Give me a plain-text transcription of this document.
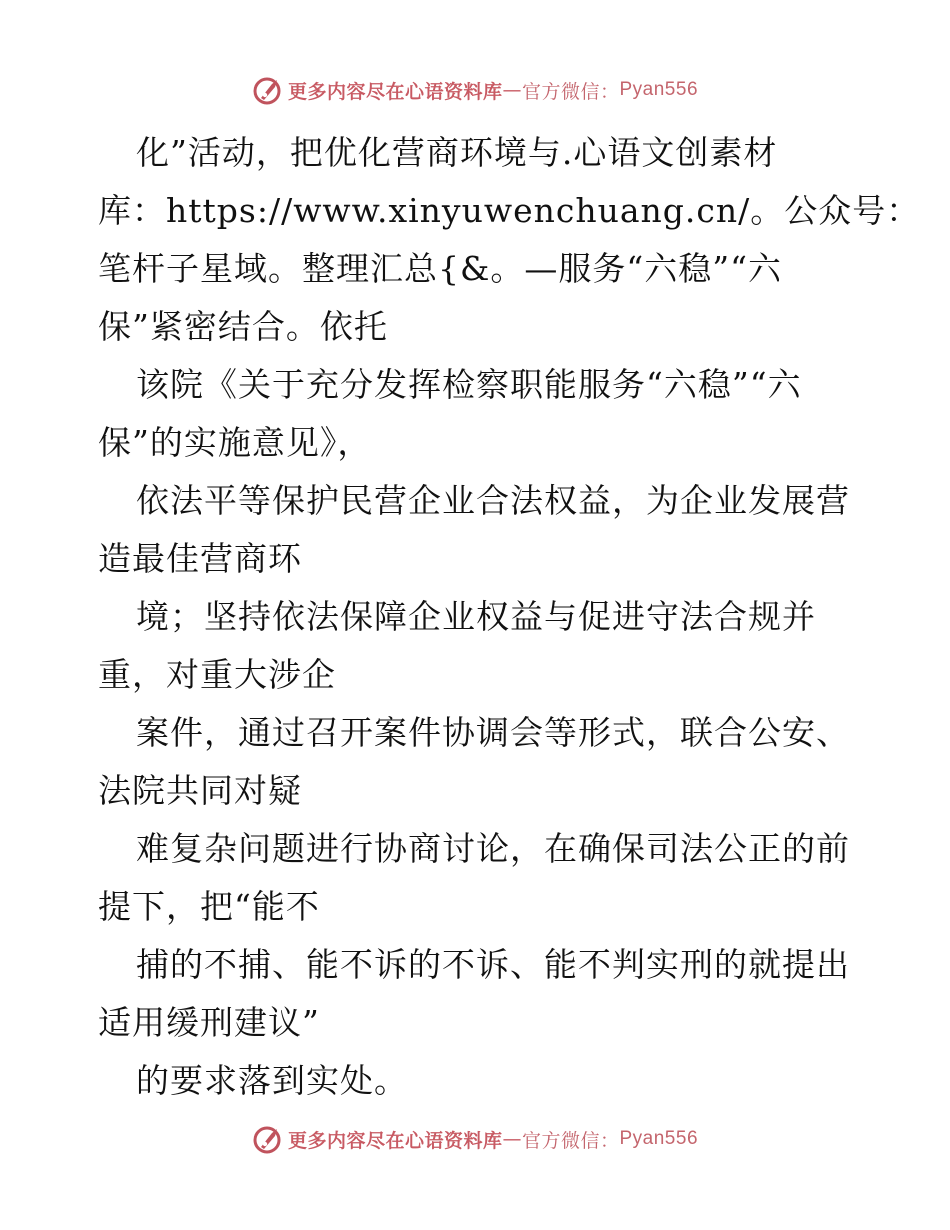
更多内容尽在心语资料库 — 官方微信： Pyan556
化”活动，把优化营商环境与.心语文创素材
库：https://www.xinyuwenchuang.cn/。公众号：
笔杆子星域。整理汇总{&。—服务“六稳”“六
保”紧密结合。依托
该院《关于充分发挥检察职能服务“六稳”“六
保”的实施意见》，
依法平等保护民营企业合法权益，为企业发展营
造最佳营商环
境；坚持依法保障企业权益与促进守法合规并
重，对重大涉企
案件，通过召开案件协调会等形式，联合公安、
法院共同对疑
难复杂问题进行协商讨论，在确保司法公正的前
提下，把“能不
捕的不捕、能不诉的不诉、能不判实刑的就提出
适用缓刑建议”
的要求落到实处。
更多内容尽在心语资料库 — 官方微信： Pyan556
